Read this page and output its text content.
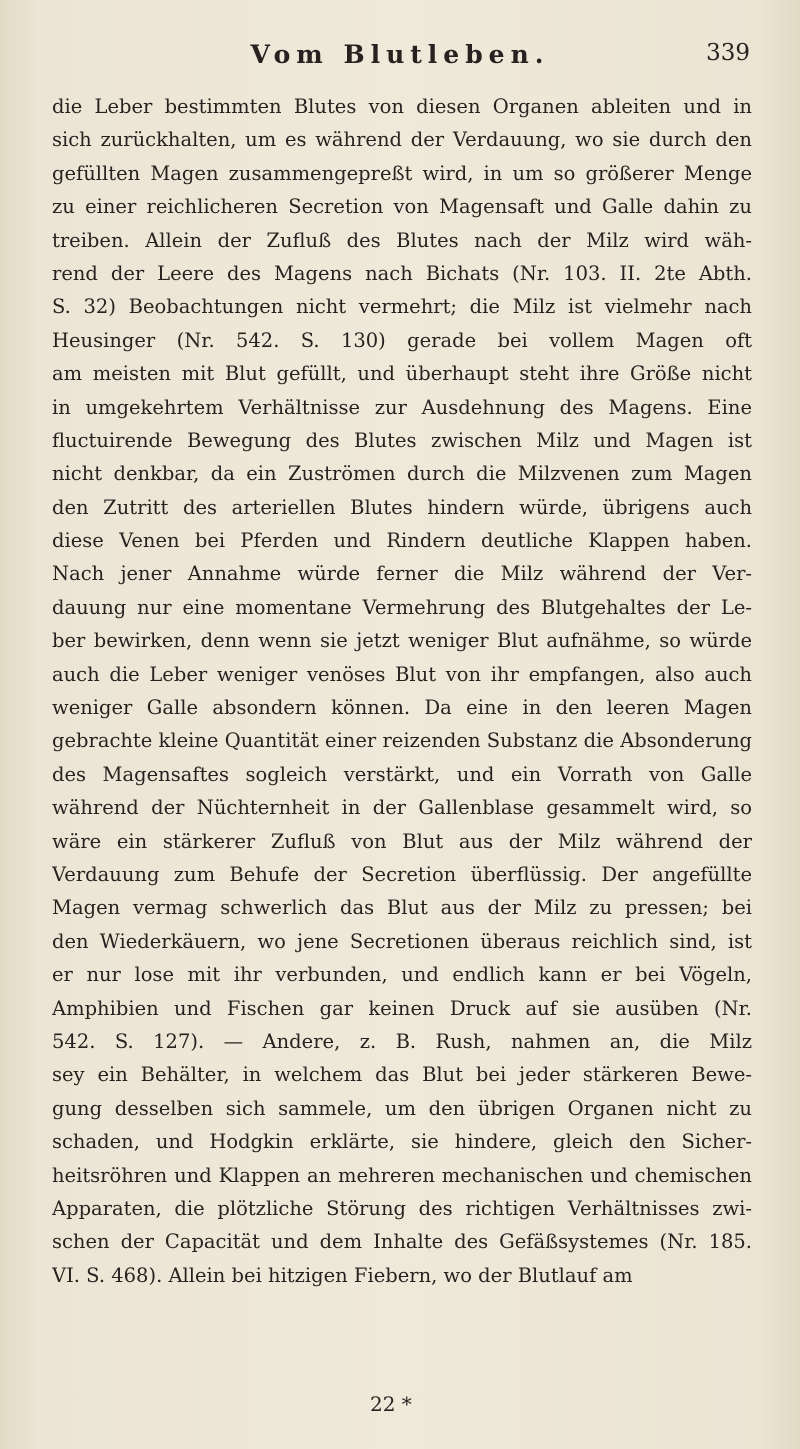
Vom Blutleben.	339
die Leber bestimmten Blutes von diesen Organen ableiten und in
sich zurückhalten, um es während der Verdauung, wo sie durch den
gefüllten Magen zusammengepreßt wird, in um so größerer Menge
zu einer reichlicheren Secretion von Magensaft und Galle dahin zu
treiben. Allein der Zufluß des Blutes nach der Milz wird wäh-
rend der Leere des Magens nach Bichats (Nr. 103. II. 2te Abth.
S. 32) Beobachtungen nicht vermehrt; die Milz ist vielmehr nach
Heusinger (Nr. 542. S. 130) gerade bei vollem Magen oft
am meisten mit Blut gefüllt, und überhaupt steht ihre Größe nicht
in umgekehrtem Verhältnisse zur Ausdehnung des Magens. Eine
fluctuirende Bewegung des Blutes zwischen Milz und Magen ist
nicht denkbar, da ein Zuströmen durch die Milzvenen zum Magen
den Zutritt des arteriellen Blutes hindern würde, übrigens auch
diese Venen bei Pferden und Rindern deutliche Klappen haben.
Nach jener Annahme würde ferner die Milz während der Ver-
dauung nur eine momentane Vermehrung des Blutgehaltes der Le-
ber bewirken, denn wenn sie jetzt weniger Blut aufnähme, so würde
auch die Leber weniger venöses Blut von ihr empfangen, also auch
weniger Galle absondern können. Da eine in den leeren Magen
gebrachte kleine Quantität einer reizenden Substanz die Absonderung
des Magensaftes sogleich verstärkt, und ein Vorrath von Galle
während der Nüchternheit in der Gallenblase gesammelt wird, so
wäre ein stärkerer Zufluß von Blut aus der Milz während der
Verdauung zum Behufe der Secretion überflüssig. Der angefüllte
Magen vermag schwerlich das Blut aus der Milz zu pressen; bei
den Wiederkäuern, wo jene Secretionen überaus reichlich sind, ist
er nur lose mit ihr verbunden, und endlich kann er bei Vögeln,
Amphibien und Fischen gar keinen Druck auf sie ausüben (Nr.
542. S. 127). — Andere, z. B. Rush, nahmen an, die Milz
sey ein Behälter, in welchem das Blut bei jeder stärkeren Bewe-
gung desselben sich sammele, um den übrigen Organen nicht zu
schaden, und Hodgkin erklärte, sie hindere, gleich den Sicher-
heitsröhren und Klappen an mehreren mechanischen und chemischen
Apparaten, die plötzliche Störung des richtigen Verhältnisses zwi-
schen der Capacität und dem Inhalte des Gefäßsystemes (Nr. 185.
VI. S. 468). Allein bei hitzigen Fiebern, wo der Blutlauf am
22 *
